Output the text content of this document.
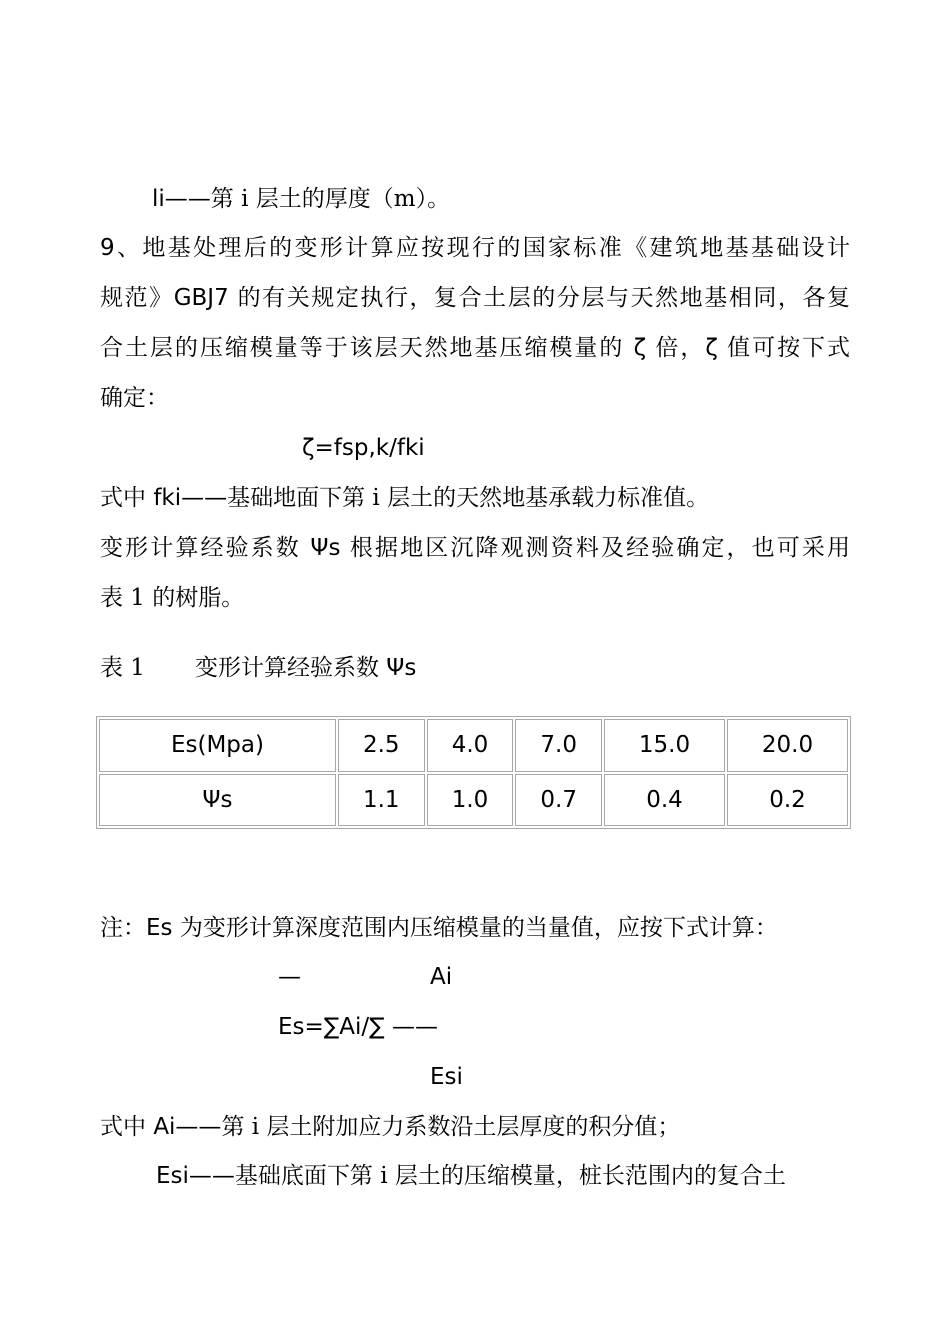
li——第 i 层土的厚度（m）。
9、地基处理后的变形计算应按现行的国家标准《建筑地基基础设计
规范》GBJ7 的有关规定执行，复合土层的分层与天然地基相同，各复
合土层的压缩模量等于该层天然地基压缩模量的 ζ 倍，ζ 值可按下式
确定：
ζ=fsp,k/fki
式中 fki——基础地面下第 i 层土的天然地基承载力标准值。
变形计算经验系数 Ψs 根据地区沉降观测资料及经验确定，也可采用
表 1 的树脂。
表 1 变形计算经验系数 Ψs
Es(Mpa)	2.5	4.0	7.0	15.0	20.0
Ψs	1.1	1.0	0.7	0.4	0.2
注：Es 为变形计算深度范围内压缩模量的当量值，应按下式计算：
—	Ai
Es=∑Ai/∑ ——
Esi
式中 Ai——第 i 层土附加应力系数沿土层厚度的积分值；
Esi——基础底面下第 i 层土的压缩模量，桩长范围内的复合土
